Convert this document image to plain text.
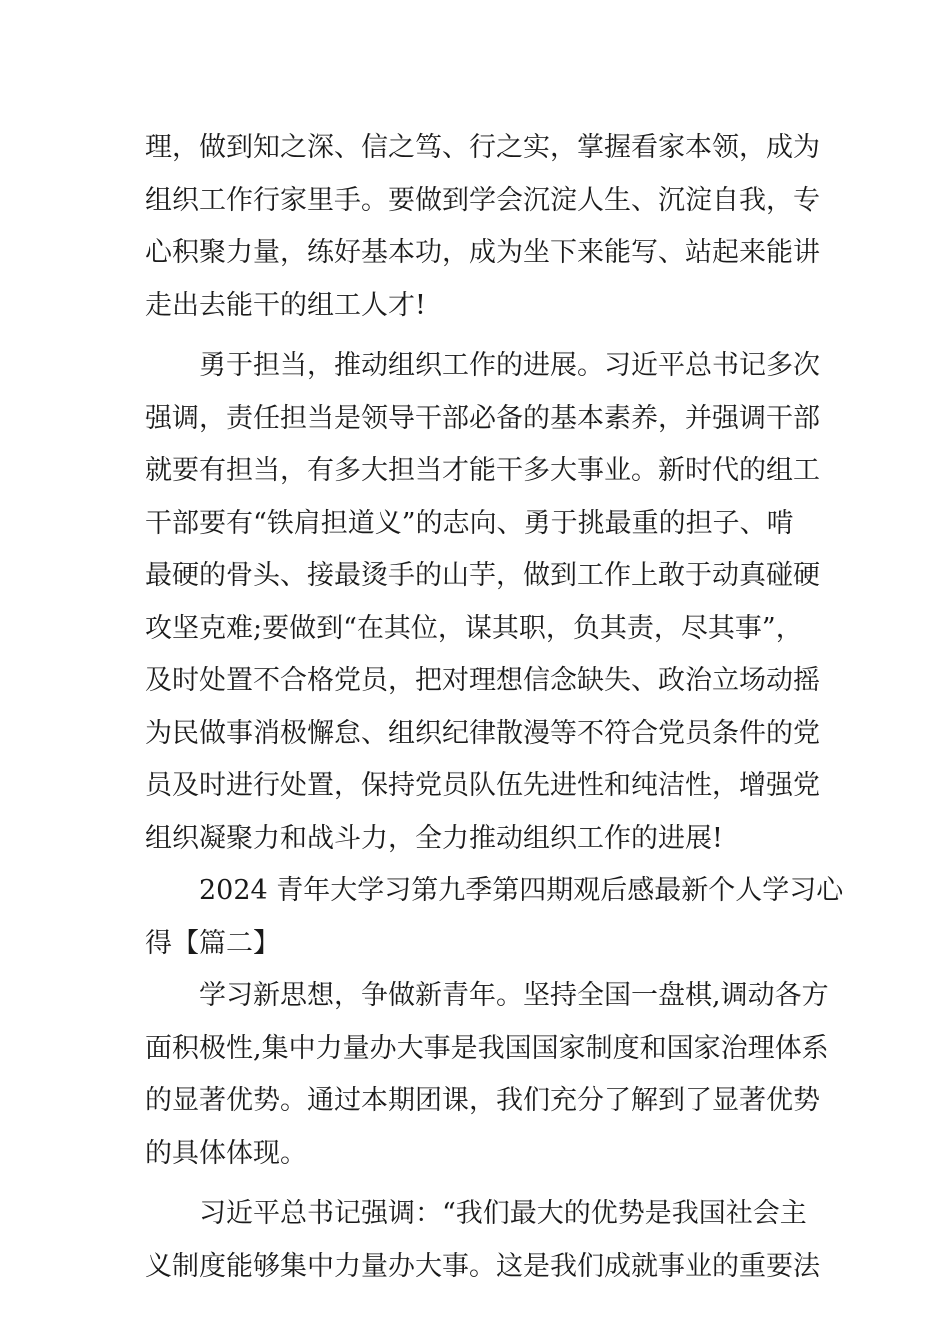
理，做到知之深、信之笃、行之实，掌握看家本领，成为
组织工作行家里手。要做到学会沉淀人生、沉淀自我，专
心积聚力量，练好基本功，成为坐下来能写、站起来能讲
走出去能干的组工人才!
勇于担当，推动组织工作的进展。习近平总书记多次
强调，责任担当是领导干部必备的基本素养，并强调干部
就要有担当，有多大担当才能干多大事业。新时代的组工
干部要有“铁肩担道义”的志向、勇于挑最重的担子、啃
最硬的骨头、接最烫手的山芋，做到工作上敢于动真碰硬
攻坚克难;要做到“在其位，谋其职，负其责，尽其事”，
及时处置不合格党员，把对理想信念缺失、政治立场动摇
为民做事消极懈怠、组织纪律散漫等不符合党员条件的党
员及时进行处置，保持党员队伍先进性和纯洁性，增强党
组织凝聚力和战斗力，全力推动组织工作的进展!
2024 青年大学习第九季第四期观后感最新个人学习心
得【篇二】
学习新思想，争做新青年。坚持全国一盘棋,调动各方
面积极性,集中力量办大事是我国国家制度和国家治理体系
的显著优势。通过本期团课，我们充分了解到了显著优势
的具体体现。
习近平总书记强调：“我们最大的优势是我国社会主
义制度能够集中力量办大事。这是我们成就事业的重要法
